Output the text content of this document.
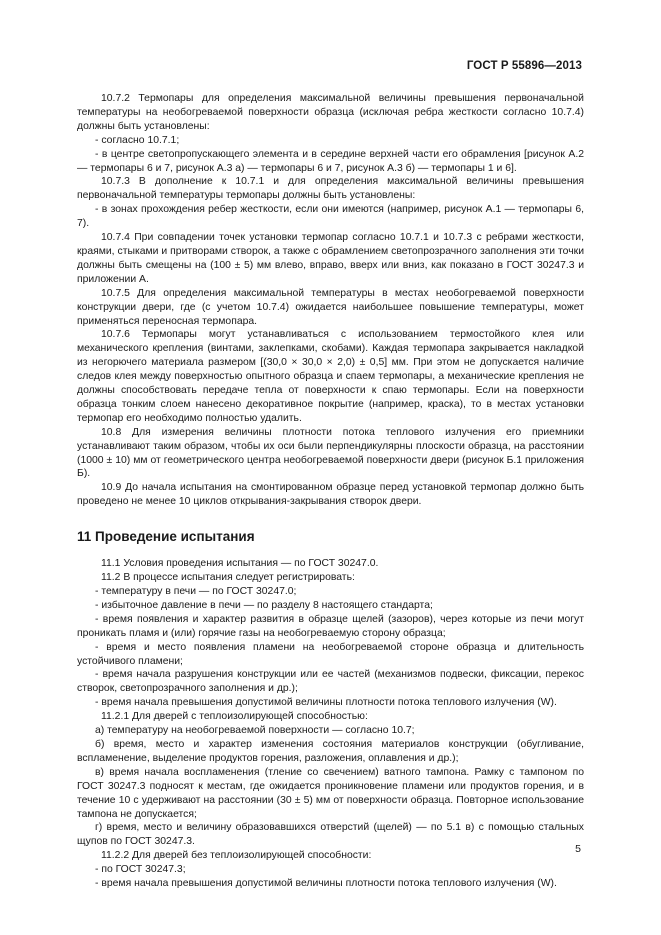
ГОСТ Р 55896—2013

10.7.2 Термопары для определения максимальной величины превышения первоначальной температуры на необогреваемой поверхности образца (исключая ребра жесткости согласно 10.7.4) должны быть установлены:

- согласно 10.7.1;

- в центре светопропускающего элемента и в середине верхней части его обрамления [рисунок А.2 — термопары 6 и 7, рисунок А.3 а) — термопары 6 и 7, рисунок А.3 б) — термопары 1 и 6].

10.7.3 В дополнение к 10.7.1 и для определения максимальной величины превышения первоначальной температуры термопары должны быть установлены:

- в зонах прохождения ребер жесткости, если они имеются (например, рисунок А.1 — термопары 6, 7).

10.7.4 При совпадении точек установки термопар согласно 10.7.1 и 10.7.3 с ребрами жесткости, краями, стыками и притворами створок, а также с обрамлением светопрозрачного заполнения эти точки должны быть смещены на (100 ± 5) мм влево, вправо, вверх или вниз, как показано в ГОСТ 30247.3 и приложении А.

10.7.5 Для определения максимальной температуры в местах необогреваемой поверхности конструкции двери, где (с учетом 10.7.4) ожидается наибольшее повышение температуры, может применяться переносная термопара.

10.7.6 Термопары могут устанавливаться с использованием термостойкого клея или механического крепления (винтами, заклепками, скобами). Каждая термопара закрывается накладкой из негорючего материала размером [(30,0 × 30,0 × 2,0) ± 0,5] мм. При этом не допускается наличие следов клея между поверхностью опытного образца и спаем термопары, а механические крепления не должны способствовать передаче тепла от поверхности к спаю термопары. Если на поверхности образца тонким слоем нанесено декоративное покрытие (например, краска), то в местах установки термопар его необходимо полностью удалить.

10.8 Для измерения величины плотности потока теплового излучения его приемники устанавливают таким образом, чтобы их оси были перпендикулярны плоскости образца, на расстоянии (1000 ± 10) мм от геометрического центра необогреваемой поверхности двери (рисунок Б.1 приложения Б).

10.9 До начала испытания на смонтированном образце перед установкой термопар должно быть проведено не менее 10 циклов открывания-закрывания створок двери.

11 Проведение испытания

11.1 Условия проведения испытания — по ГОСТ 30247.0.

11.2 В процессе испытания следует регистрировать:

- температуру в печи — по ГОСТ 30247.0;

- избыточное давление в печи — по разделу 8 настоящего стандарта;

- время появления и характер развития в образце щелей (зазоров), через которые из печи могут проникать пламя и (или) горячие газы на необогреваемую сторону образца;

- время и место появления пламени на необогреваемой стороне образца и длительность устойчивого пламени;

- время начала разрушения конструкции или ее частей (механизмов подвески, фиксации, перекос створок, светопрозрачного заполнения и др.);

- время начала превышения допустимой величины плотности потока теплового излучения (W).

11.2.1 Для дверей с теплоизолирующей способностью:

а) температуру на необогреваемой поверхности — согласно 10.7;

б) время, место и характер изменения состояния материалов конструкции (обугливание, вспламенение, выделение продуктов горения, разложения, оплавления и др.);

в) время начала воспламенения (тление со свечением) ватного тампона. Рамку с тампоном по ГОСТ 30247.3 подносят к местам, где ожидается проникновение пламени или продуктов горения, и в течение 10 с удерживают на расстоянии (30 ± 5) мм от поверхности образца. Повторное использование тампона не допускается;

г) время, место и величину образовавшихся отверстий (щелей) — по 5.1 в) с помощью стальных щупов по ГОСТ 30247.3.

11.2.2 Для дверей без теплоизолирующей способности:

- по ГОСТ 30247.3;

- время начала превышения допустимой величины плотности потока теплового излучения (W).

5
